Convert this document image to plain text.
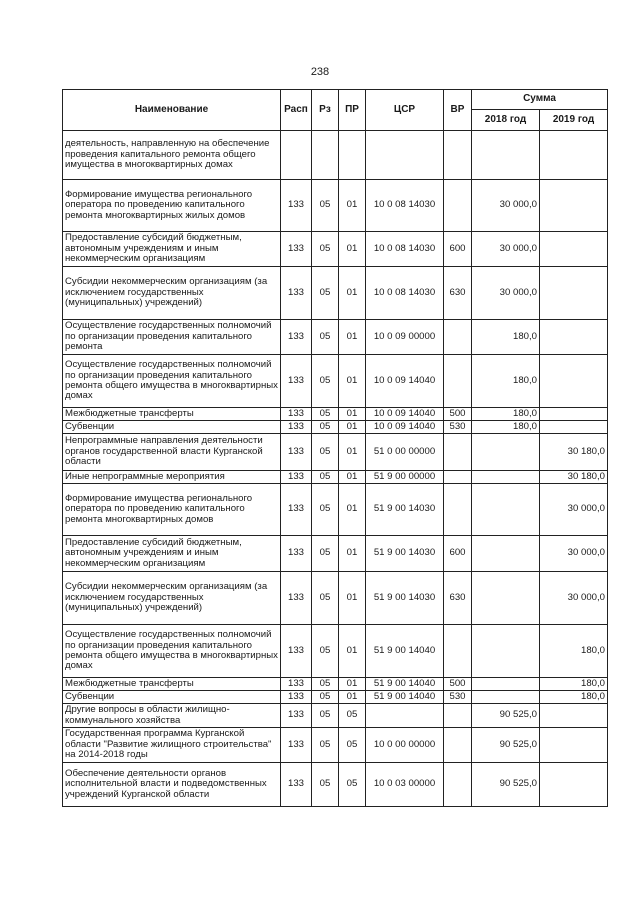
238
Наименование	Расп	Рз	ПР	ЦСР	ВР	Сумма	
						2018 год	2019 год
деятельность, направленную на обеспечение проведения капитального ремонта общего имущества в многоквартирных домах							
Формирование имущества регионального оператора по проведению капитального ремонта многоквартирных жилых домов	133	05	01	10 0 08 14030		30 000,0	
Предоставление субсидий бюджетным, автономным учреждениям и иным некоммерческим организациям	133	05	01	10 0 08 14030	600	30 000,0	
Субсидии некоммерческим организациям (за исключением государственных (муниципальных) учреждений)	133	05	01	10 0 08 14030	630	30 000,0	
Осуществление государственных полномочий по организации проведения капитального ремонта	133	05	01	10 0 09 00000		180,0	
Осуществление государственных полномочий по организации проведения капитального ремонта общего имущества в многоквартирных домах	133	05	01	10 0 09 14040		180,0	
Межбюджетные трансферты	133	05	01	10 0 09 14040	500	180,0	
Субвенции	133	05	01	10 0 09 14040	530	180,0	
Непрограммные направления деятельности органов государственной власти Курганской области	133	05	01	51 0 00 00000			30 180,0
Иные непрограммные мероприятия	133	05	01	51 9 00 00000			30 180,0
Формирование имущества регионального оператора по проведению капитального ремонта многоквартирных домов	133	05	01	51 9 00 14030			30 000,0
Предоставление субсидий бюджетным, автономным учреждениям и иным некоммерческим организациям	133	05	01	51 9 00 14030	600		30 000,0
Субсидии некоммерческим организациям (за исключением государственных (муниципальных) учреждений)	133	05	01	51 9 00 14030	630		30 000,0
Осуществление государственных полномочий по организации проведения капитального ремонта общего имущества в многоквартирных домах	133	05	01	51 9 00 14040			180,0
Межбюджетные трансферты	133	05	01	51 9 00 14040	500		180,0
Субвенции	133	05	01	51 9 00 14040	530		180,0
Другие вопросы в области жилищно-коммунального хозяйства	133	05	05			90 525,0	
Государственная программа Курганской области "Развитие жилищного строительства" на 2014-2018 годы	133	05	05	10 0 00 00000		90 525,0	
Обеспечение деятельности органов исполнительной власти и подведомственных учреждений Курганской области	133	05	05	10 0 03 00000		90 525,0	
